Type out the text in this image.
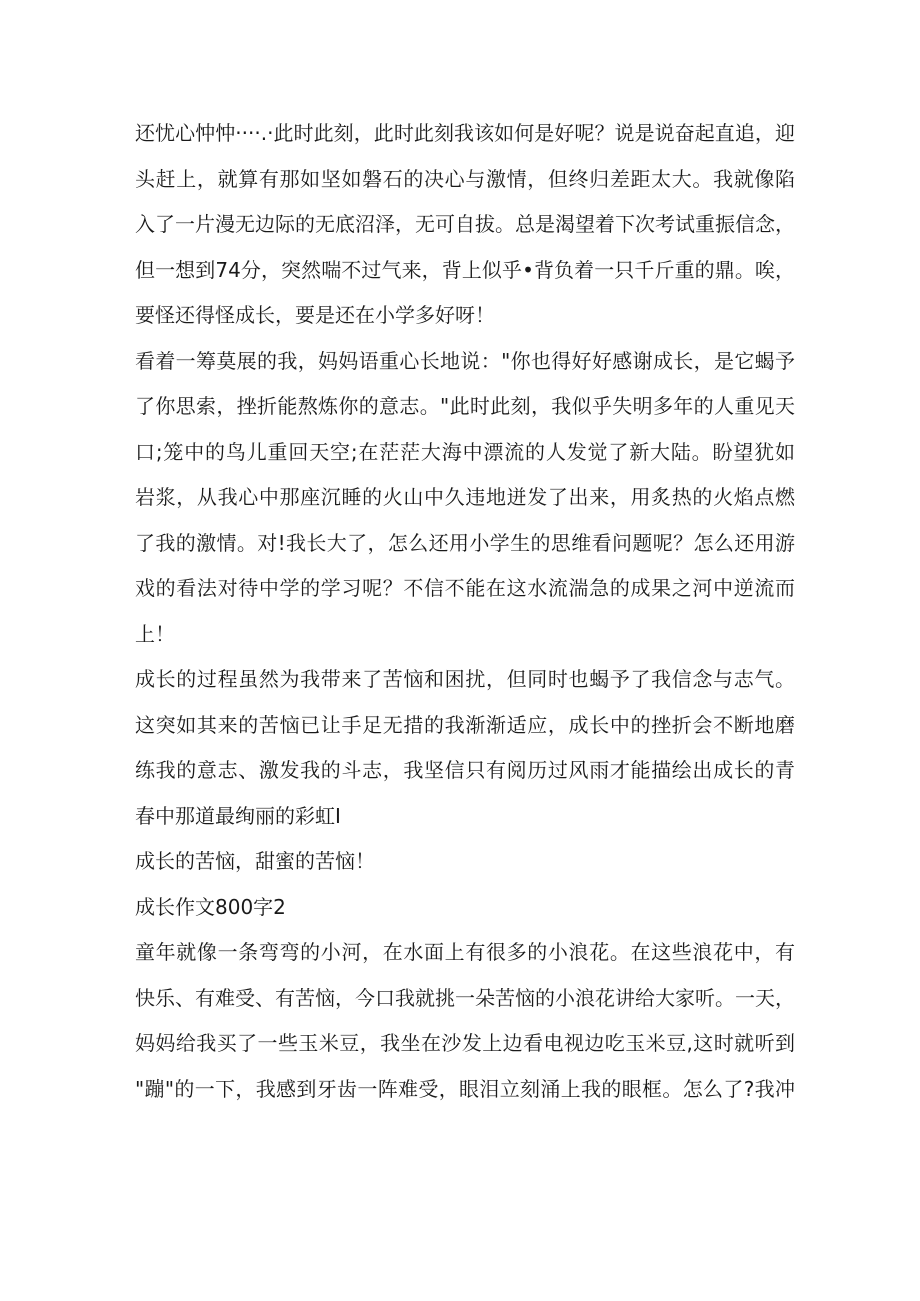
还忧心忡忡····.·此时此刻，此时此刻我该如何是好呢？说是说奋起直追，迎
头赶上，就算有那如坚如磐石的决心与激情，但终归差距太大。我就像陷
入了一片漫无边际的无底沼泽，无可自拔。总是渴望着下次考试重振信念，
但一想到74分，突然喘不过气来，背上似乎•背负着一只千斤重的鼎。唉，
要怪还得怪成长，要是还在小学多好呀！
看着一筹莫展的我，妈妈语重心长地说："你也得好好感谢成长，是它蝎予
了你思索，挫折能熬炼你的意志。"此时此刻，我似乎失明多年的人重见天
口;笼中的鸟儿重回天空;在茫茫大海中漂流的人发觉了新大陆。盼望犹如
岩浆，从我心中那座沉睡的火山中久违地迸发了出来，用炙热的火焰点燃
了我的激情。对!我长大了，怎么还用小学生的思维看问题呢？怎么还用游
戏的看法对待中学的学习呢？不信不能在这水流湍急的成果之河中逆流而
上！
成长的过程虽然为我带来了苦恼和困扰，但同时也蝎予了我信念与志气。
这突如其来的苦恼已让手足无措的我渐渐适应，成长中的挫折会不断地磨
练我的意志、激发我的斗志，我坚信只有阅历过风雨才能描绘出成长的青
春中那道最绚丽的彩虹I
成长的苦恼，甜蜜的苦恼！
成长作文800字2
童年就像一条弯弯的小河，在水面上有很多的小浪花。在这些浪花中，有
快乐、有难受、有苦恼，今口我就挑一朵苦恼的小浪花讲给大家听。一天，
妈妈给我买了一些玉米豆，我坐在沙发上边看电视边吃玉米豆,这时就听到
"蹦"的一下，我感到牙齿一阵难受，眼泪立刻涌上我的眼框。怎么了?我冲
